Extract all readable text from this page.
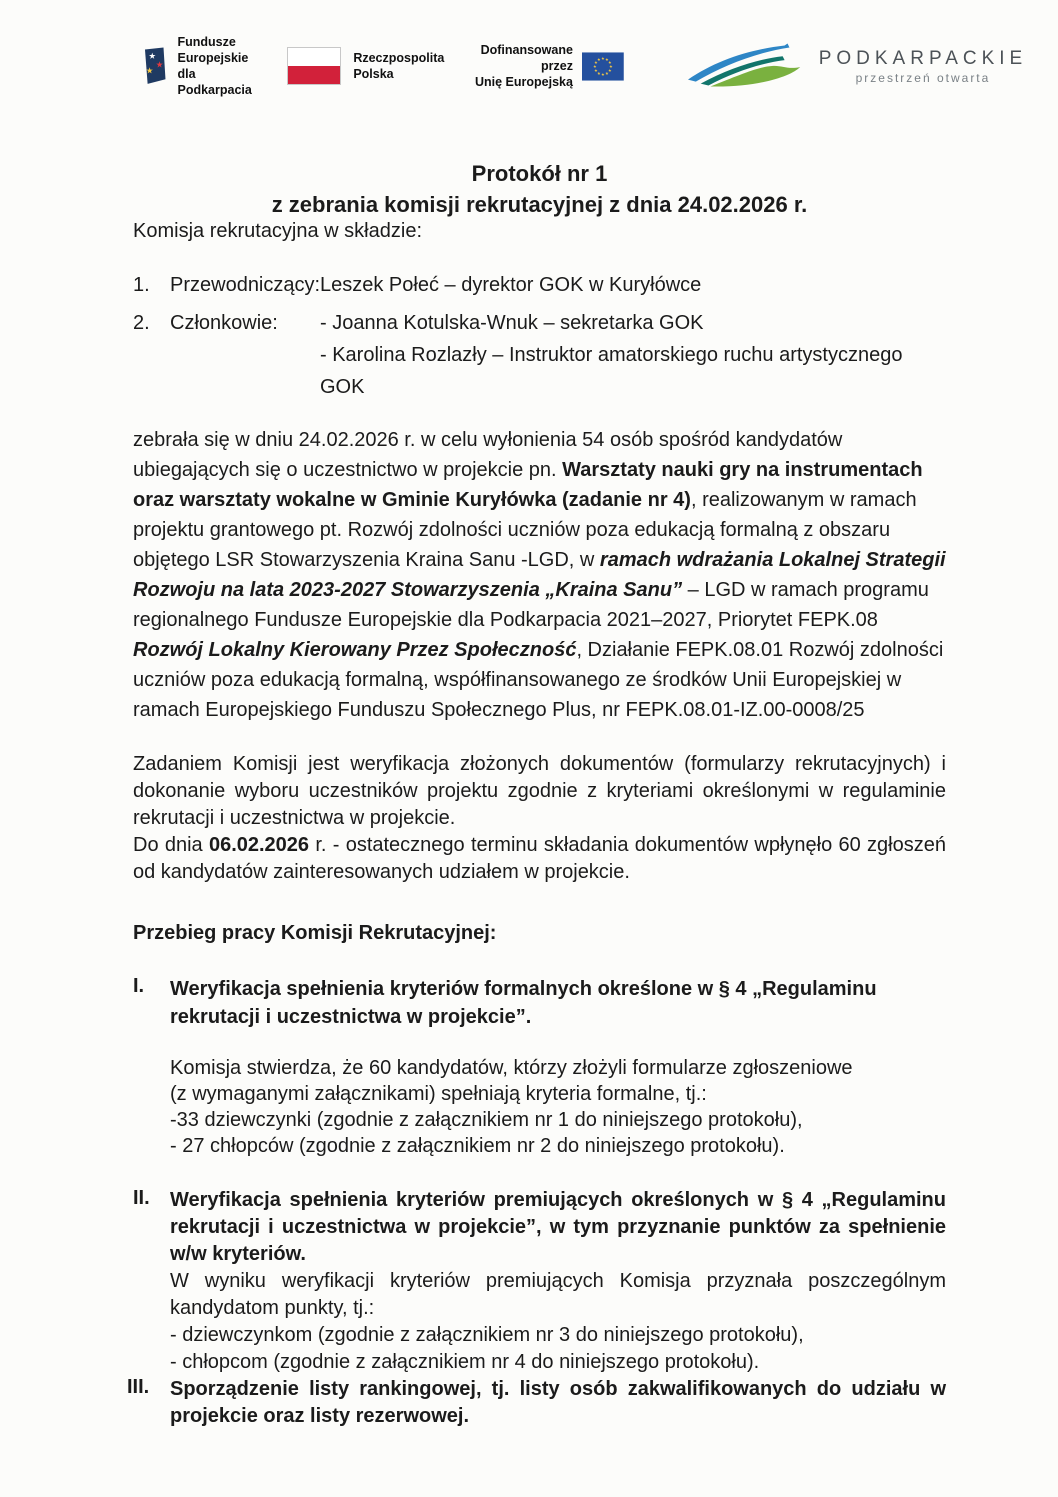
Fundusze Europejskie
dla Podkarpacia
Rzeczpospolita
Polska
Dofinansowane przez
Unię Europejską
PODKARPACKIE
przestrzeń otwarta
Protokół nr 1
z zebrania komisji rekrutacyjnej z dnia 24.02.2026 r.

Komisja rekrutacyjna w składzie:

1.	Przewodniczący: Leszek Połeć – dyrektor GOK w Kuryłówce
2.	Członkowie:	- Joanna Kotulska-Wnuk – sekretarka GOK
- Karolina Rozlazły – Instruktor amatorskiego ruchu artystycznego GOK

zebrała się w dniu 24.02.2026 r. w celu wyłonienia 54 osób spośród kandydatów ubiegających się o uczestnictwo w projekcie pn. Warsztaty nauki gry na instrumentach oraz warsztaty wokalne w Gminie Kuryłówka (zadanie nr 4), realizowanym w ramach projektu grantowego pt. Rozwój zdolności uczniów poza edukacją formalną z obszaru objętego LSR Stowarzyszenia Kraina Sanu -LGD, w ramach wdrażania Lokalnej Strategii Rozwoju na lata 2023-2027 Stowarzyszenia „Kraina Sanu” – LGD w ramach programu regionalnego Fundusze Europejskie dla Podkarpacia 2021–2027, Priorytet FEPK.08 Rozwój Lokalny Kierowany Przez Społeczność, Działanie FEPK.08.01 Rozwój zdolności uczniów poza edukacją formalną, współfinansowanego ze środków Unii Europejskiej w ramach Europejskiego Funduszu Społecznego Plus, nr FEPK.08.01-IZ.00-0008/25

Zadaniem Komisji jest weryfikacja złożonych dokumentów (formularzy rekrutacyjnych) i dokonanie wyboru uczestników projektu zgodnie z kryteriami określonymi w regulaminie rekrutacji i uczestnictwa w projekcie.

Do dnia 06.02.2026 r. - ostatecznego terminu składania dokumentów wpłynęło 60 zgłoszeń od kandydatów zainteresowanych udziałem w projekcie.

Przebieg pracy Komisji Rekrutacyjnej:

I.	Weryfikacja spełnienia kryteriów formalnych określone w § 4 „Regulaminu rekrutacji i uczestnictwa w projekcie”.
Komisja stwierdza, że 60 kandydatów, którzy złożyli formularze zgłoszeniowe
(z wymaganymi załącznikami) spełniają kryteria formalne, tj.:
-33 dziewczynki (zgodnie z załącznikiem nr 1 do niniejszego protokołu),
- 27 chłopców (zgodnie z załącznikiem nr 2 do niniejszego protokołu).
II.	Weryfikacja spełnienia kryteriów premiujących określonych w § 4 „Regulaminu rekrutacji i uczestnictwa w projekcie”, w tym przyznanie punktów za spełnienie w/w kryteriów.
W wyniku weryfikacji kryteriów premiujących Komisja przyznała poszczególnym kandydatom punkty, tj.:
- dziewczynkom (zgodnie z załącznikiem nr 3 do niniejszego protokołu),
- chłopcom (zgodnie z załącznikiem nr 4 do niniejszego protokołu).
III.	Sporządzenie listy rankingowej, tj. listy osób zakwalifikowanych do udziału w projekcie oraz listy rezerwowej.
